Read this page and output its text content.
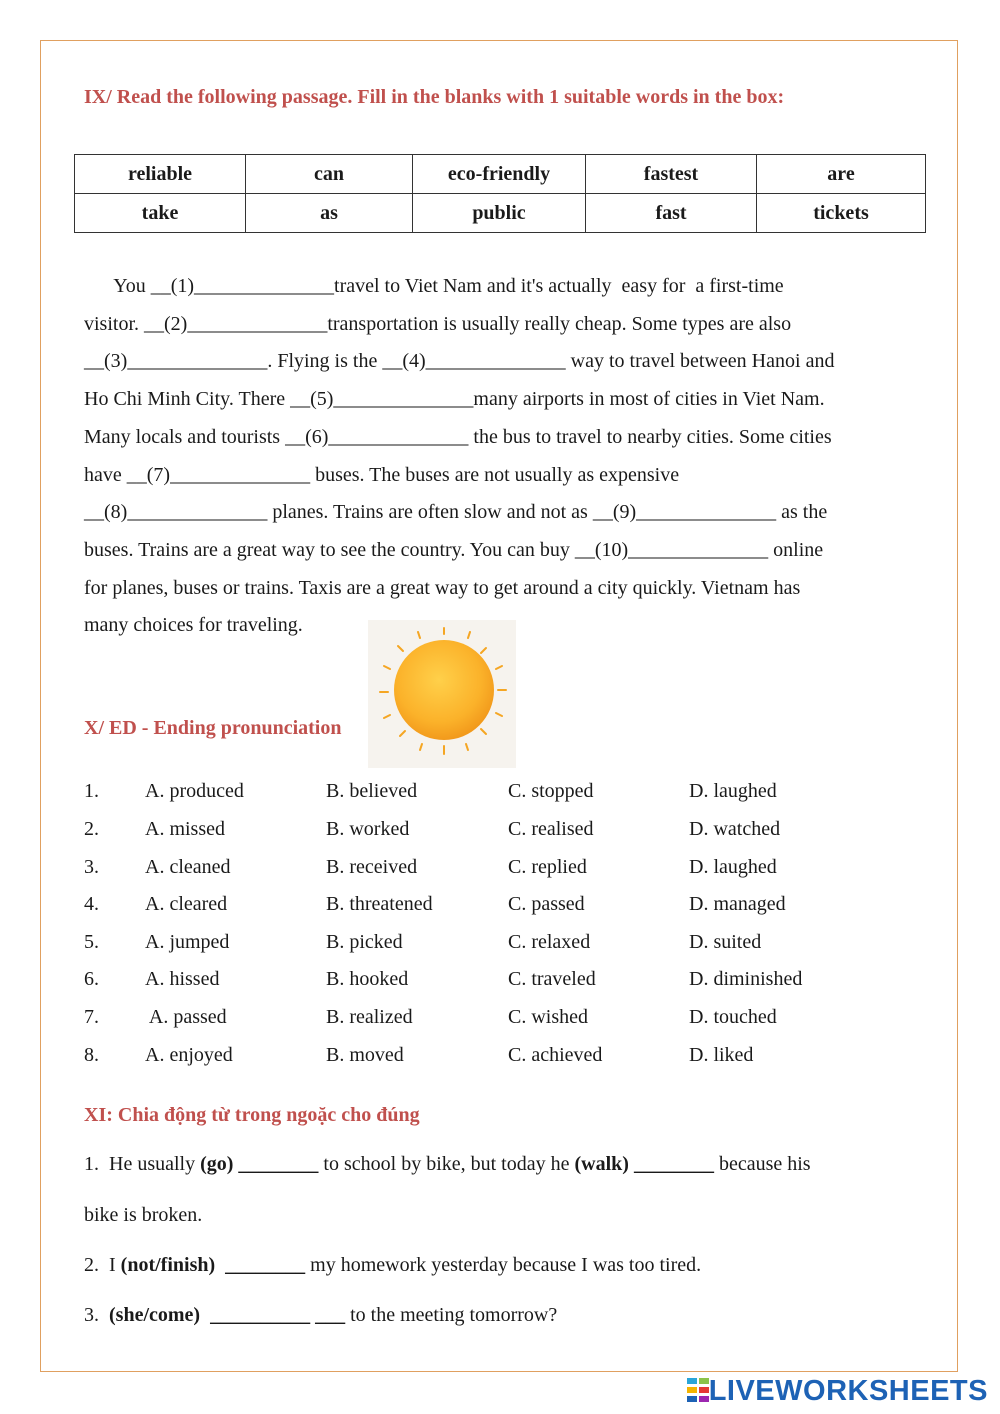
IX/ Read the following passage. Fill in the blanks with 1 suitable words in the box:
reliable	can	eco-friendly	fastest	are
take	as	public	fast	tickets

You __(1)______________travel to Viet Nam and it's actually  easy for  a first-time

visitor. __(2)______________transportation is usually really cheap. Some types are also

__(3)______________. Flying is the __(4)______________ way to travel between Hanoi and

Ho Chi Minh City. There __(5)______________many airports in most of cities in Viet Nam.

Many locals and tourists __(6)______________ the bus to travel to nearby cities. Some cities

have __(7)______________ buses. The buses are not usually as expensive

__(8)______________ planes. Trains are often slow and not as __(9)______________ as the

buses. Trains are a great way to see the country. You can buy __(10)______________ online

for planes, buses or trains. Taxis are a great way to get around a city quickly. Vietnam has

many choices for traveling.

X/ ED - Ending pronunciation
1. A. produced	B. believed	C. stopped	D. laughed
2. A. missed	B. worked	C. realised	D. watched
3. A. cleaned	B. received	C. replied	D. laughed
4. A. cleared	B. threatened	C. passed	D. managed
5. A. jumped	B. picked	C. relaxed	D. suited
6. A. hissed	B. hooked	C. traveled	D. diminished
7. A. passed	B. realized	C. wished	D. touched
8. A. enjoyed	B. moved	C. achieved	D. liked
XI: Chia động từ trong ngoặc cho đúng
1. He usually (go) ________ to school by bike, but today he (walk) ________ because his
bike is broken.
2. I (not/finish)  ________ my homework yesterday because I was too tired.
3. (she/come)  __________ ___ to the meeting tomorrow?
LIVEWORKSHEETS
